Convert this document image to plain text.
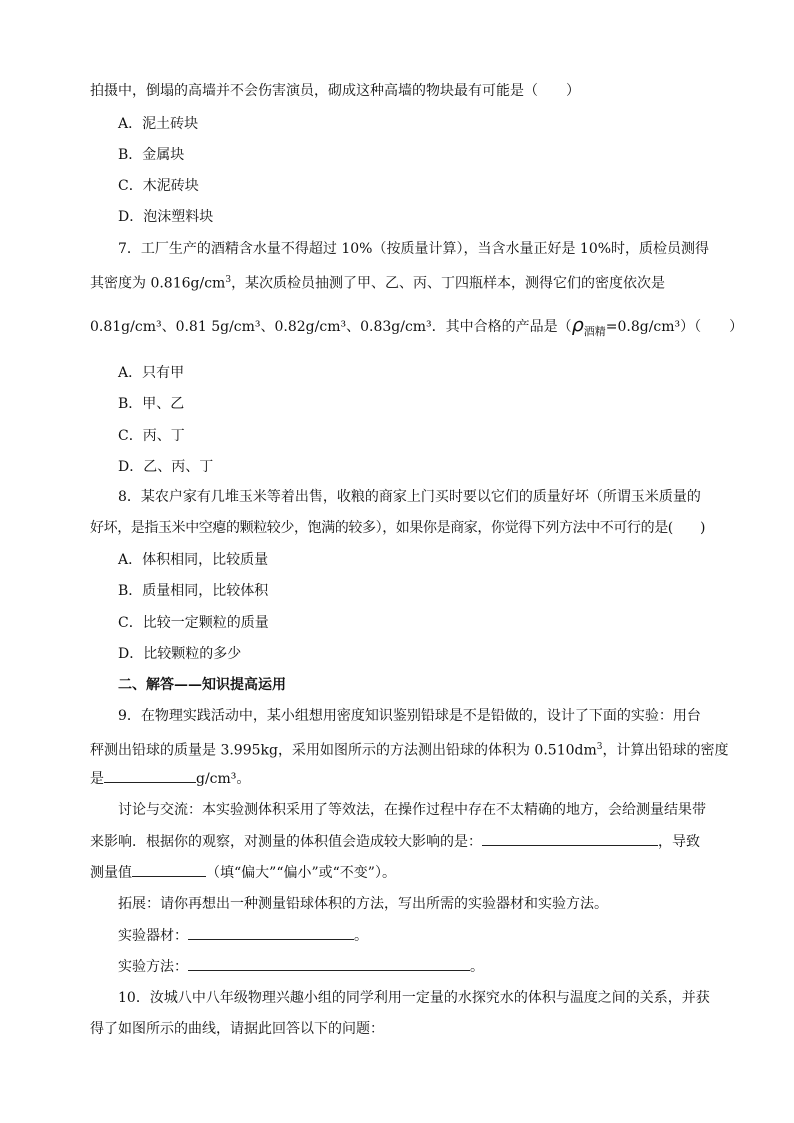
拍摄中，倒塌的高墙并不会伤害演员，砌成这种高墙的物块最有可能是（　　）
A．泥土砖块
B．金属块
C．木泥砖块
D．泡沫塑料块
7．工厂生产的酒精含水量不得超过 10%（按质量计算），当含水量正好是 10%时，质检员测得
其密度为 $0.816g/cm^3$，某次质检员抽测了甲、乙、丙、丁四瓶样本，测得它们的密度依次是
0.81g/cm³、0.81 5g/cm³、0.82g/cm³、0.83g/cm³．其中合格的产品是$(\rho_{酒精}=0.8g/cm^3)$（　　）
A．只有甲
B．甲、乙
C．丙、丁
D．乙、丙、丁
8．某农户家有几堆玉米等着出售，收粮的商家上门买时要以它们的质量好坏（所谓玉米质量的
好坏，是指玉米中空瘪的颗粒较少，饱满的较多），如果你是商家，你觉得下列方法中不可行的是(　　)
A．体积相同，比较质量
B．质量相同，比较体积
C．比较一定颗粒的质量
D．比较颗粒的多少
二、解答——知识提高运用
9．在物理实践活动中，某小组想用密度知识鉴别铅球是不是铅做的，设计了下面的实验：用台
秤测出铅球的质量是 3.995kg，采用如图所示的方法测出铅球的体积为 $0.510dm^3$，计算出铅球的密度
是	g/cm³。
讨论与交流：本实验测体积采用了等效法，在操作过程中存在不太精确的地方，会给测量结果带
来影响．根据你的观察，对测量的体积值会造成较大影响的是：	，导致
测量值	（填“偏大”“偏小”或“不变”）。
拓展：请你再想出一种测量铅球体积的方法，写出所需的实验器材和实验方法。
实验器材：	。
实验方法：	。
10．汝城八中八年级物理兴趣小组的同学利用一定量的水探究水的体积与温度之间的关系，并获
得了如图所示的曲线，请据此回答以下的问题：
